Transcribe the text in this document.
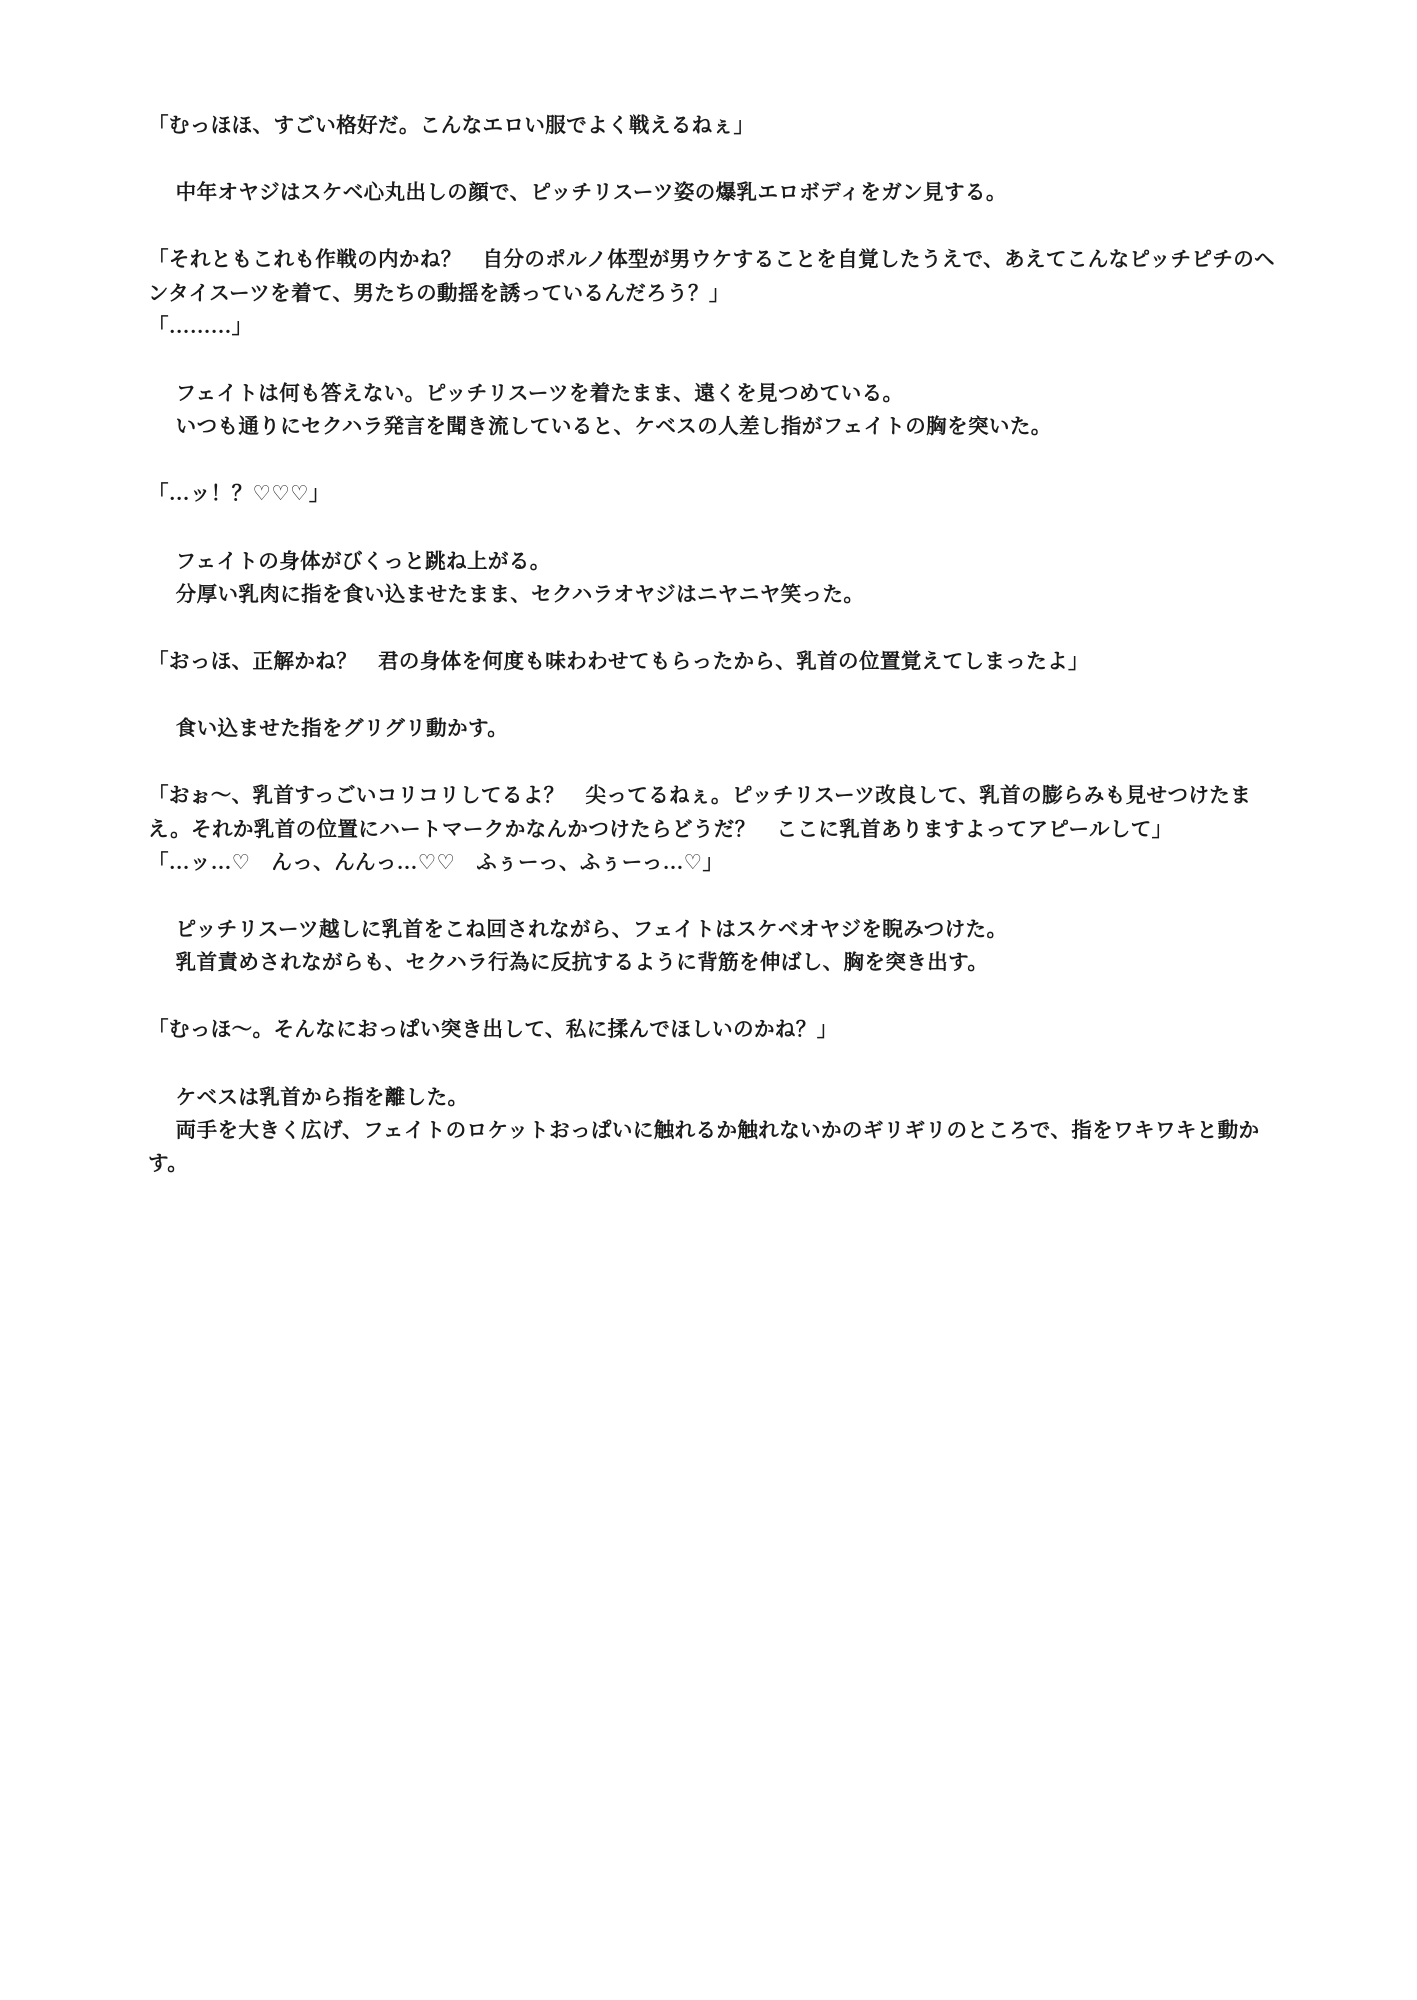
「むっほほ、すごい格好だ。こんなエロい服でよく戦えるねぇ」

中年オヤジはスケベ心丸出しの顔で、ピッチリスーツ姿の爆乳エロボディをガン見する。

「それともこれも作戦の内かね？　自分のポルノ体型が男ウケすることを自覚したうえで、あえてこんなピッチピチのヘンタイスーツを着て、男たちの動揺を誘っているんだろう？」

「………」

フェイトは何も答えない。ピッチリスーツを着たまま、遠くを見つめている。

いつも通りにセクハラ発言を聞き流していると、ケベスの人差し指がフェイトの胸を突いた。

「…ッ！？♡♡♡」

フェイトの身体がびくっと跳ね上がる。

分厚い乳肉に指を食い込ませたまま、セクハラオヤジはニヤニヤ笑った。

「おっほ、正解かね？　君の身体を何度も味わわせてもらったから、乳首の位置覚えてしまったよ」

食い込ませた指をグリグリ動かす。

「おぉ〜、乳首すっごいコリコリしてるよ？　尖ってるねぇ。ピッチリスーツ改良して、乳首の膨らみも見せつけたまえ。それか乳首の位置にハートマークかなんかつけたらどうだ？　ここに乳首ありますよってアピールして」

「…ッ…♡　んっ、んんっ…♡♡　ふぅーっ、ふぅーっ…♡」

ピッチリスーツ越しに乳首をこね回されながら、フェイトはスケベオヤジを睨みつけた。

乳首責めされながらも、セクハラ行為に反抗するように背筋を伸ばし、胸を突き出す。

「むっほ〜。そんなにおっぱい突き出して、私に揉んでほしいのかね？」

ケベスは乳首から指を離した。

両手を大きく広げ、フェイトのロケットおっぱいに触れるか触れないかのギリギリのところで、指をワキワキと動かす。
